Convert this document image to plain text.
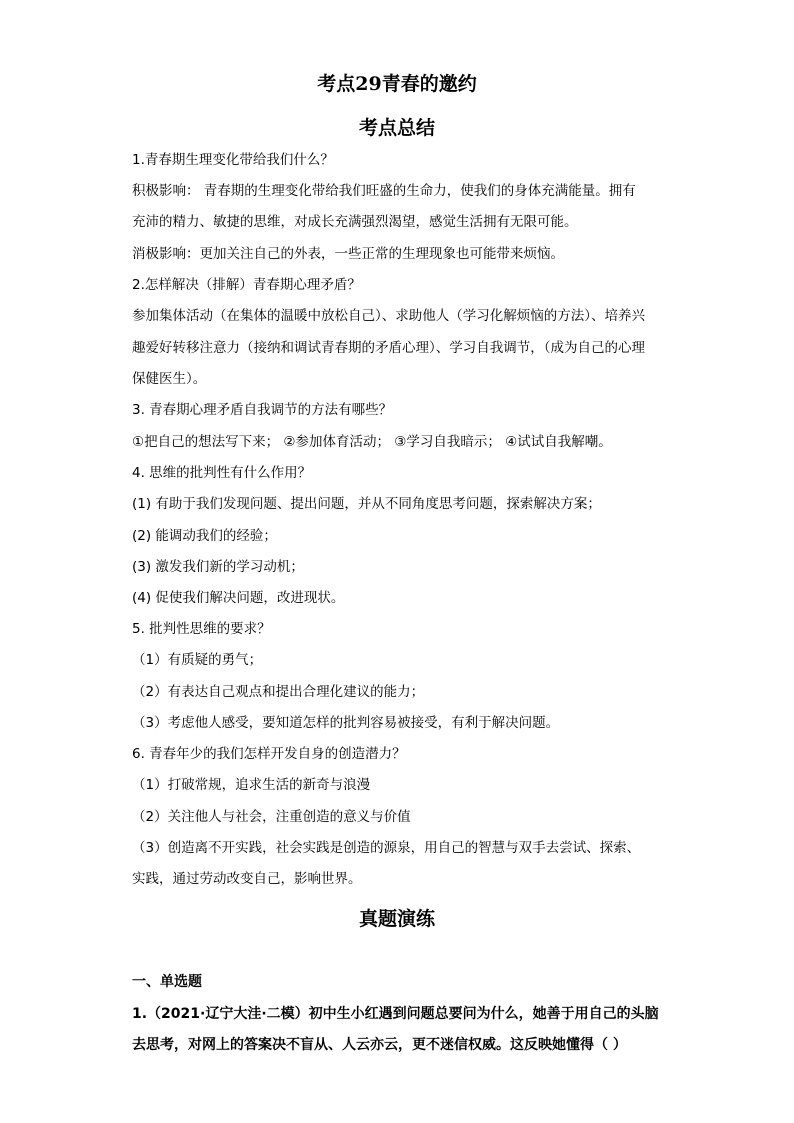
考点29青春的邀约
考点总结
1.青春期生理变化带给我们什么？
积极影响： 青春期的生理变化带给我们旺盛的生命力，使我们的身体充满能量。拥有
充沛的精力、敏捷的思维，对成长充满强烈渴望，感觉生活拥有无限可能。
消极影响：更加关注自己的外表，一些正常的生理现象也可能带来烦恼。
2.怎样解决（排解）青春期心理矛盾？
参加集体活动（在集体的温暖中放松自己）、求助他人（学习化解烦恼的方法）、培养兴
趣爱好转移注意力（接纳和调试青春期的矛盾心理）、学习自我调节，（成为自己的心理
保健医生）。
3. 青春期心理矛盾自我调节的方法有哪些？
①把自己的想法写下来； ②参加体育活动； ③学习自我暗示； ④试试自我解嘲。
4. 思维的批判性有什么作用？
(1) 有助于我们发现问题、提出问题，并从不同角度思考问题，探索解决方案；
(2) 能调动我们的经验；
(3) 激发我们新的学习动机；
(4) 促使我们解决问题，改进现状。
5. 批判性思维的要求？
（1）有质疑的勇气；
（2）有表达自己观点和提出合理化建议的能力；
（3）考虑他人感受，要知道怎样的批判容易被接受，有利于解决问题。
6. 青春年少的我们怎样开发自身的创造潜力？
（1）打破常规，追求生活的新奇与浪漫
（2）关注他人与社会，注重创造的意义与价值
（3）创造离不开实践，社会实践是创造的源泉，用自己的智慧与双手去尝试、探索、
实践，通过劳动改变自己，影响世界。
真题演练
一、单选题
1.（2021·辽宁大洼·二模）初中生小红遇到问题总要问为什么，她善于用自己的头脑
去思考，对网上的答案决不盲从、人云亦云，更不迷信权威。这反映她懂得（ ）
